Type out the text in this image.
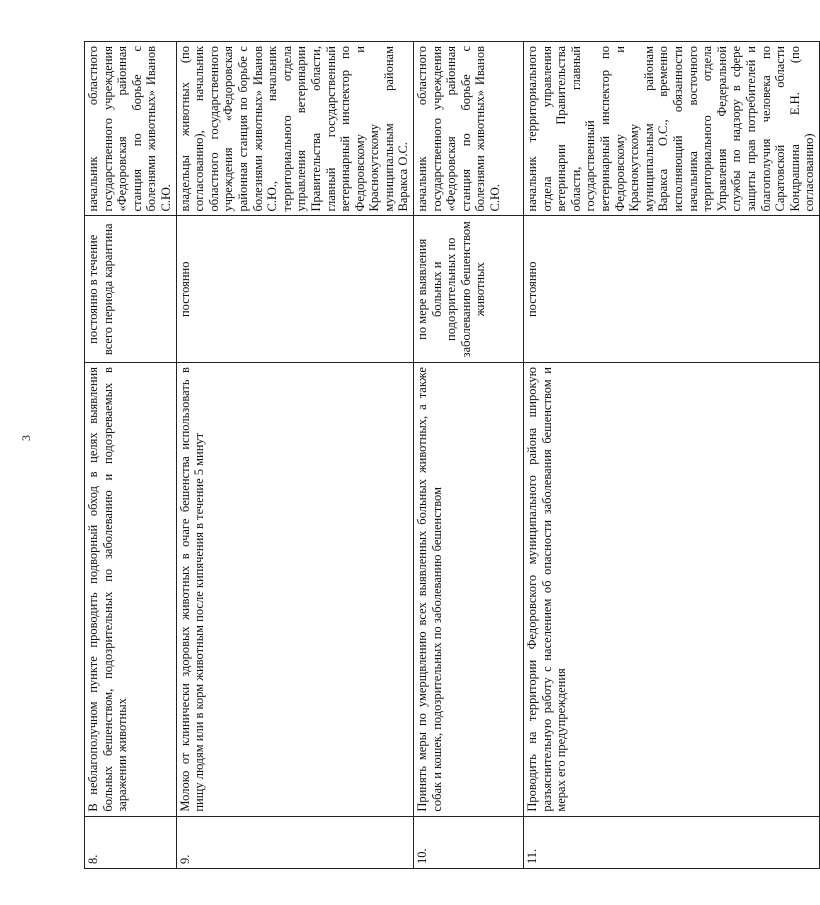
3
8.	В неблагополучном пункте проводить подворный обход в целях выявления больных бешенством, подозрительных по заболеванию и подозреваемых в заражении животных	постоянно в течение всего периода карантина	начальник областного государственного учреждения «Федоровская районная станция по борьбе с болезнями животных» Иванов С.Ю.
9.	Молоко от клинически здоровых животных в очаге бешенства использовать в пищу людям или в корм животным после кипячения в течение 5 минут	постоянно	владельцы животных (по согласованию), начальник областного государственного учреждения «Федоровская районная станция по борьбе с болезнями животных» Иванов С.Ю., начальник территориального отдела управления ветеринарии Правительства области, главный государственный ветеринарный инспектор по Федоровскому и Краснокутскому муниципальным районам Варакса О.С.
10.	Принять меры по умерщвлению всех выявленных больных животных, а также собак и кошек, подозрительных по заболеванию бешенством	по мере выявления больных и подозрительных по заболеванию бешенством животных	начальник областного государственного учреждения «Федоровская районная станция по борьбе с болезнями животных» Иванов С.Ю.
11.	Проводить на территории Федоровского муниципального района широкую разъяснительную работу с населением об опасности заболевания бешенством и мерах его предупреждения	постоянно	начальник территориального отдела управления ветеринарии Правительства области, главный государственный ветеринарный инспектор по Федоровскому и Краснокутскому муниципальным районам Варакса О.С., временно исполняющий обязанности начальника восточного территориального отдела Управления Федеральной службы по надзору в сфере защиты прав потребителей и благополучия человека по Саратовской области Кондрашина Е.Н. (по согласованию)
